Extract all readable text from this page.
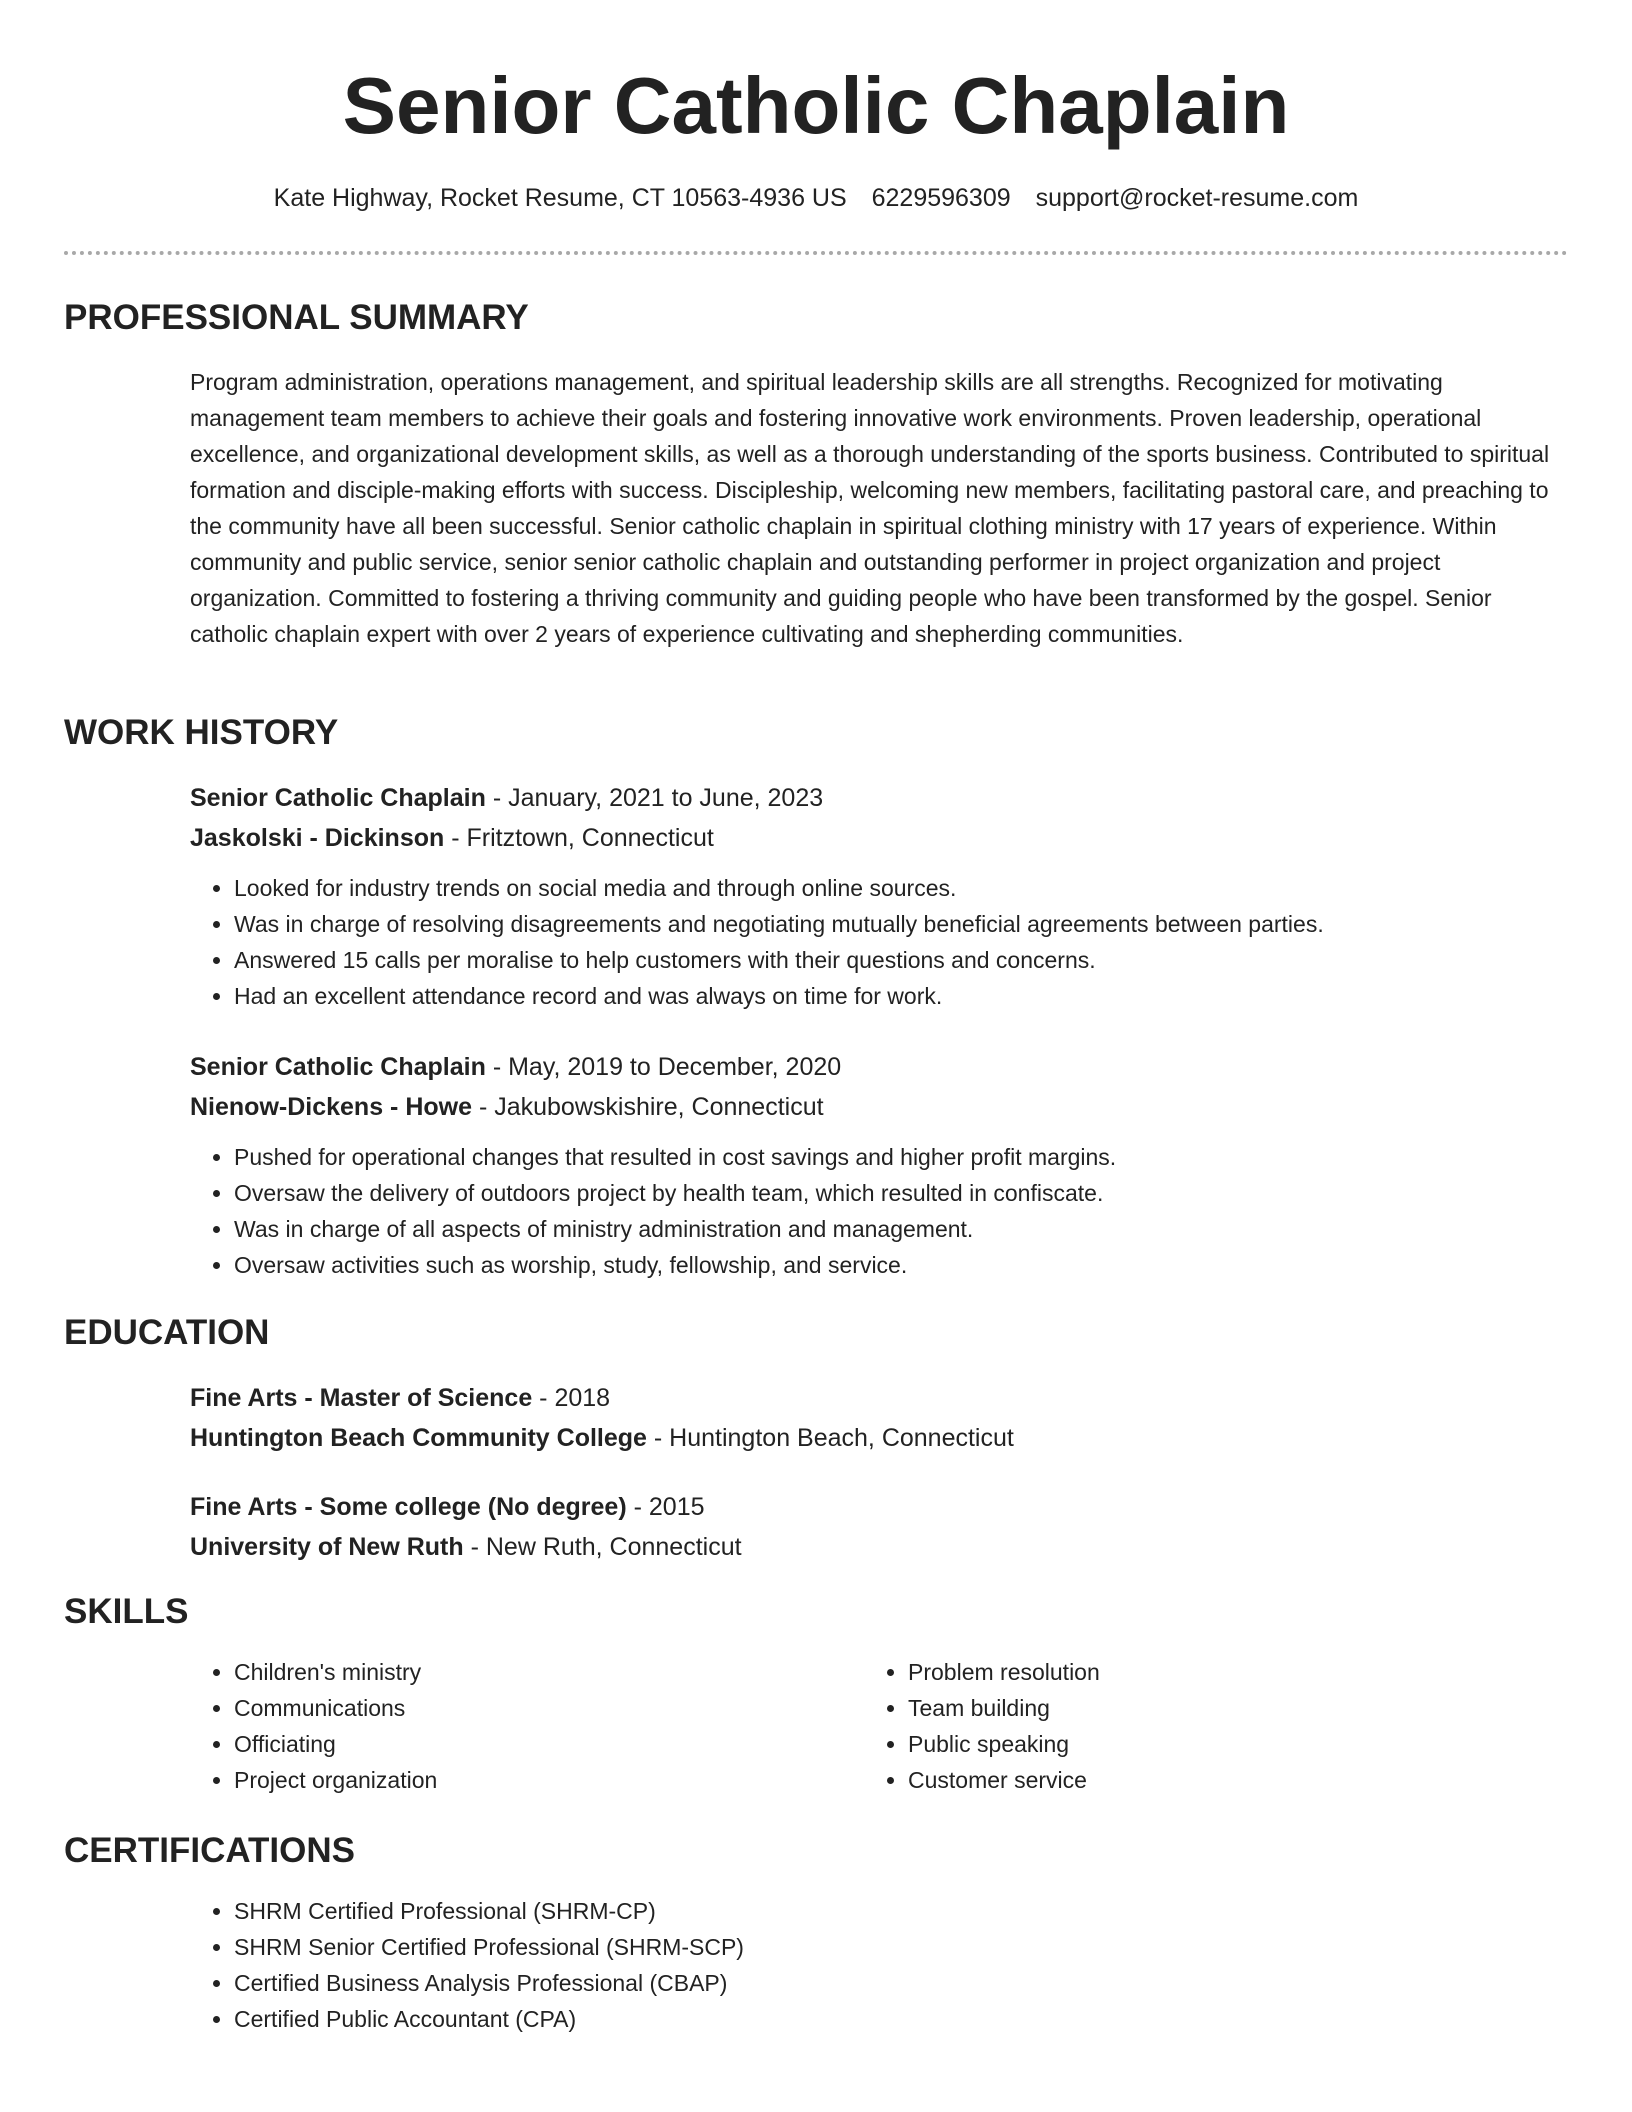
Senior Catholic Chaplain
Kate Highway, Rocket Resume, CT 10563-4936 US 6229596309 support@rocket-resume.com
PROFESSIONAL SUMMARY

Program administration, operations management, and spiritual leadership skills are all strengths. Recognized for motivating management team members to achieve their goals and fostering innovative work environments. Proven leadership, operational excellence, and organizational development skills, as well as a thorough understanding of the sports business. Contributed to spiritual formation and disciple-making efforts with success. Discipleship, welcoming new members, facilitating pastoral care, and preaching to the community have all been successful. Senior catholic chaplain in spiritual clothing ministry with 17 years of experience. Within community and public service, senior senior catholic chaplain and outstanding performer in project organization and project organization. Committed to fostering a thriving community and guiding people who have been transformed by the gospel. Senior catholic chaplain expert with over 2 years of experience cultivating and shepherding communities.

WORK HISTORY

Senior Catholic Chaplain - January, 2021 to June, 2023

Jaskolski - Dickinson - Fritztown, Connecticut

• Looked for industry trends on social media and through online sources.
• Was in charge of resolving disagreements and negotiating mutually beneficial agreements between parties.
• Answered 15 calls per moralise to help customers with their questions and concerns.
• Had an excellent attendance record and was always on time for work.

Senior Catholic Chaplain - May, 2019 to December, 2020

Nienow-Dickens - Howe - Jakubowskishire, Connecticut

• Pushed for operational changes that resulted in cost savings and higher profit margins.
• Oversaw the delivery of outdoors project by health team, which resulted in confiscate.
• Was in charge of all aspects of ministry administration and management.
• Oversaw activities such as worship, study, fellowship, and service.
EDUCATION

Fine Arts - Master of Science - 2018

Huntington Beach Community College - Huntington Beach, Connecticut

Fine Arts - Some college (No degree) - 2015

University of New Ruth - New Ruth, Connecticut

SKILLS
• Children's ministry
• Communications
• Officiating
• Project organization
• Problem resolution
• Team building
• Public speaking
• Customer service
CERTIFICATIONS
• SHRM Certified Professional (SHRM-CP)
• SHRM Senior Certified Professional (SHRM-SCP)
• Certified Business Analysis Professional (CBAP)
• Certified Public Accountant (CPA)
